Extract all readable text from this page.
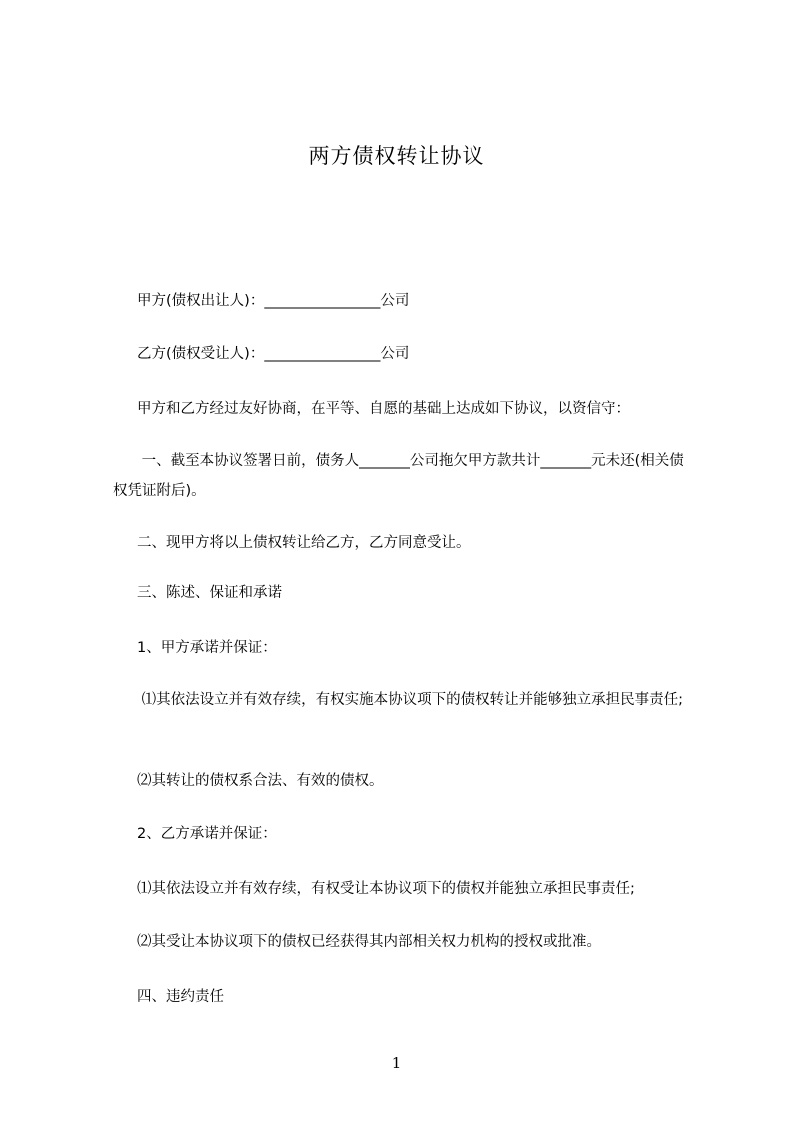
两方债权转让协议
甲方(债权出让人)：________________公司
乙方(债权受让人)：________________公司
甲方和乙方经过友好协商，在平等、自愿的基础上达成如下协议，以资信守：
一、截至本协议签署日前，债务人_______公司拖欠甲方款共计_______元未还(相关债权凭证附后)。
二、现甲方将以上债权转让给乙方，乙方同意受让。
三、陈述、保证和承诺
1、甲方承诺并保证：
⑴其依法设立并有效存续，有权实施本协议项下的债权转让并能够独立承担民事责任;
⑵其转让的债权系合法、有效的债权。
2、乙方承诺并保证：
⑴其依法设立并有效存续，有权受让本协议项下的债权并能独立承担民事责任;
⑵其受让本协议项下的债权已经获得其内部相关权力机构的授权或批准。
四、违约责任
1
